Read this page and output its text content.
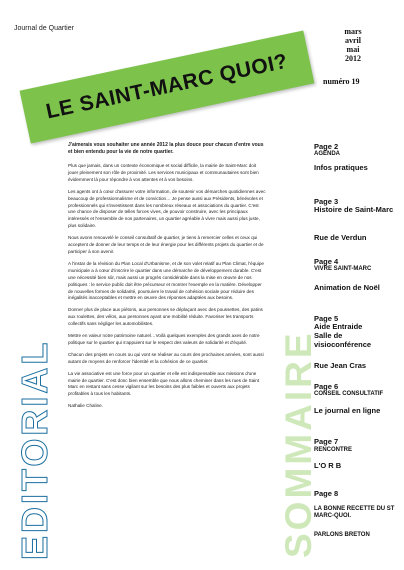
Journal de Quartier
LE SAINT-MARC QUOI?
mars
avril
mai
2012
numéro 19
EDITORIAL	SOMMAIRE

J'aimerais vous souhaiter une année 2012 la plus douce pour chacun d'entre vous et bien entendu pour la vie de notre quartier.

Plus que jamais, dans un contexte économique et social difficile, la mairie de Saint-Marc doit jouer pleinement son rôle de proximité. Les services municipaux et communautaires sont bien évidemment là pour répondre à vos attentes et à vos besoins.

Les agents ont à cœur d'assurer votre information, de soutenir vos démarches quotidiennes avec beaucoup de professionnalisme et de conviction… Je pense aussi aux Présidents, bénévoles et professionnels qui s'investissent dans les nombreux réseaux et associations du quartier. C'est une chance de disposer de telles forces vives, de pouvoir construire, avec les principaux intéressés et l'ensemble de nos partenaires, un quartier agréable à vivre mais aussi plus juste, plus solidaire.

Nous avons renouvelé le conseil consultatif de quartier, je tiens à remercier celles et ceux qui acceptent de donner de leur temps et de leur énergie pour les différents projets du quartier et de participer à son avenir.

A l'instar de la révision du Plan Local d'Urbanisme, et de son volet relatif au Plan Climat, l'équipe municipale a à cœur d'inscrire le quartier dans une démarche de développement durable. C'est une nécessité bien sûr, mais aussi un progrès considérable dans la mise en œuvre de nos politiques : le service public doit être précurseur et montrer l'exemple en la matière. Développer de nouvelles formes de solidarité, poursuivre le travail de cohésion sociale pour réduire des inégalités inacceptables et mettre en œuvre des réponses adaptées aux besoins.

Donner plus de place aux piétons, aux personnes se déplaçant avec des poussettes, des patins aux roulettes, des vélos, aux personnes ayant une mobilité réduite. Favoriser les transports collectifs sans négliger les automobilistes.

Mettre en valeur notre patrimoine naturel…Voilà quelques exemples des grands axes de notre politique sur le quartier qui s'appuient sur le respect des valeurs de solidarité et d'équité.

Chacun des projets en cours ou qui vont se réaliser au cours des prochaines années, sont aussi autant de moyens de renforcer l'identité et la cohésion de ce quartier.

La vie associative est une force pour un quartier et elle est indispensable aux missions d'une mairie de quartier. C'est donc bien ensemble que nous allons cheminer dans les rues de Saint Marc en restant sans cesse vigilant sur les besoins des plus faibles et ouverts aux projets profitables à tous les habitants.

Nathalie Chaline.

Page 2
AGENDA
Infos pratiques
Page 3
Histoire de Saint-Marc
Rue de Verdun
Page 4
VIVRE SAINT-MARC
Animation de Noël
Page 5
Aide Entraide
Salle de visioconférence
Rue Jean Cras
Page 6
CONSEIL CONSULTATIF
Le journal en ligne
Page 7
RENCONTRE
L'O R B
Page 8
LA BONNE RECETTE DU ST MARC-QUOI.
PARLONS BRETON
